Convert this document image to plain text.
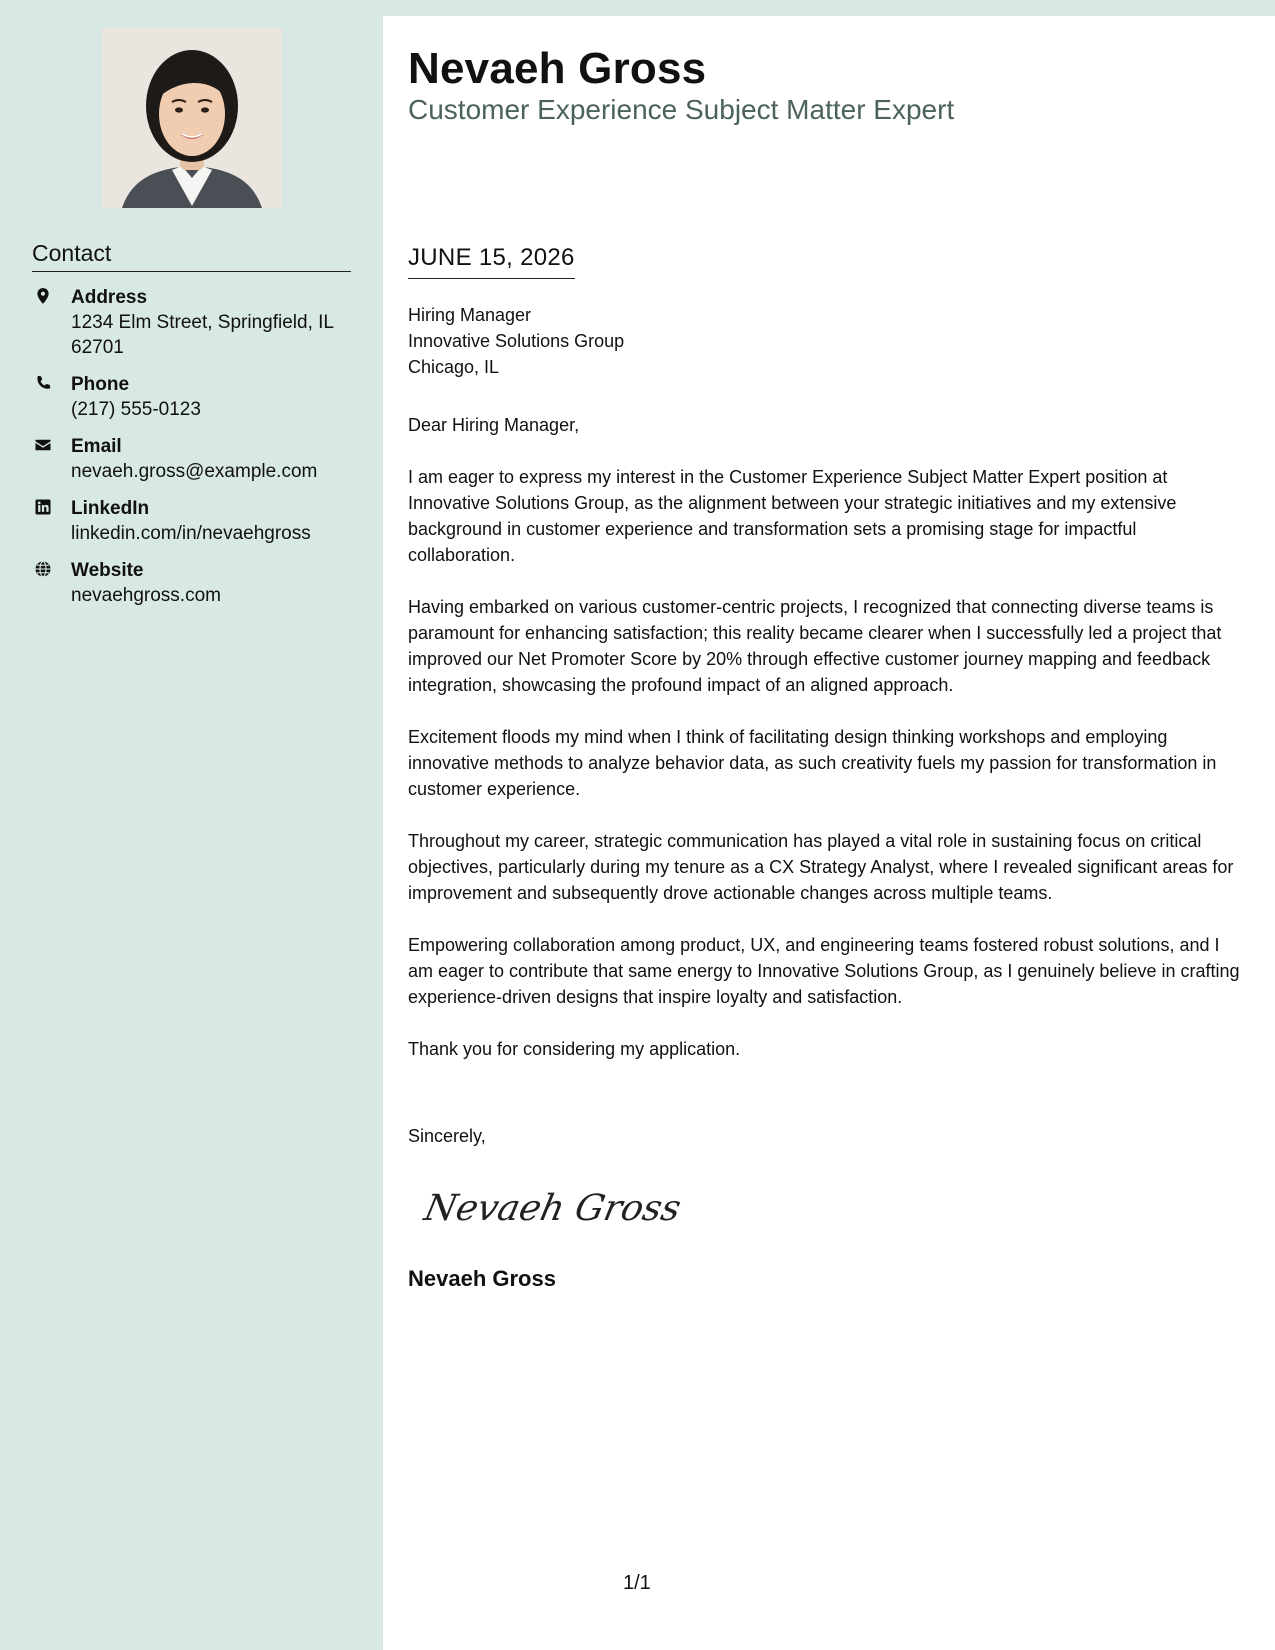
Contact
Address
1234 Elm Street, Springfield, IL
62701
Phone
(217) 555-0123
Email
nevaeh.gross@example.com
LinkedIn
linkedin.com/in/nevaehgross
Website
nevaehgross.com
Nevaeh Gross
Customer Experience Subject Matter Expert
JUNE 15, 2026
Hiring Manager
Innovative Solutions Group
Chicago, IL

Dear Hiring Manager,

I am eager to express my interest in the Customer Experience Subject Matter Expert position at Innovative Solutions Group, as the alignment between your strategic initiatives and my extensive background in customer experience and transformation sets a promising stage for impactful collaboration.

Having embarked on various customer-centric projects, I recognized that connecting diverse teams is paramount for enhancing satisfaction; this reality became clearer when I successfully led a project that improved our Net Promoter Score by 20% through effective customer journey mapping and feedback integration, showcasing the profound impact of an aligned approach.

Excitement floods my mind when I think of facilitating design thinking workshops and employing innovative methods to analyze behavior data, as such creativity fuels my passion for transformation in customer experience.

Throughout my career, strategic communication has played a vital role in sustaining focus on critical objectives, particularly during my tenure as a CX Strategy Analyst, where I revealed significant areas for improvement and subsequently drove actionable changes across multiple teams.

Empowering collaboration among product, UX, and engineering teams fostered robust solutions, and I am eager to contribute that same energy to Innovative Solutions Group, as I genuinely believe in crafting experience-driven designs that inspire loyalty and satisfaction.

Thank you for considering my application.

Sincerely,
Nevaeh Gross
Nevaeh Gross
1/1
